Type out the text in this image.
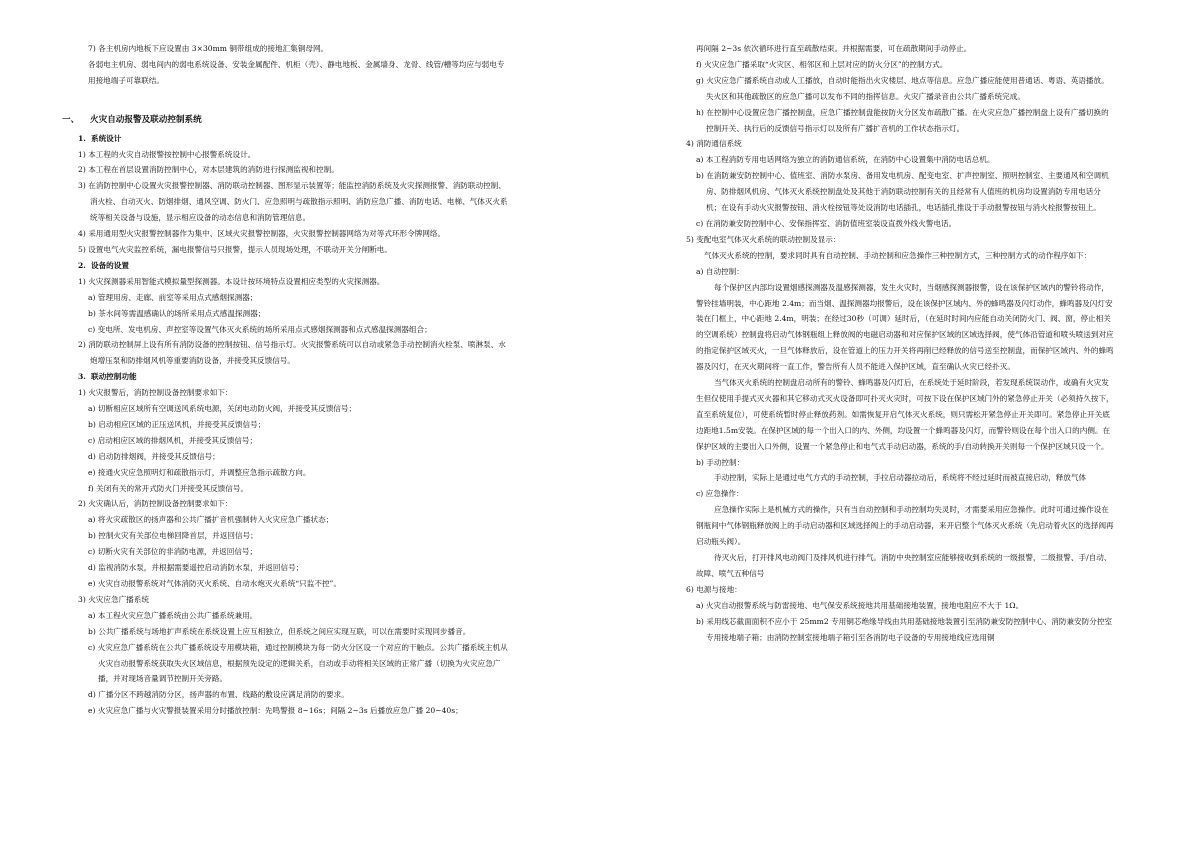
7) 各主机房内地板下应设置由 3×30mm 铜带组成的接地汇集铜母网。

各弱电主机房、弱电间内的弱电系统设备、安装金属配件、机柜（壳）、静电地板、金属墙身、龙骨、线管/槽等均应与弱电专用接地端子可靠联结。

一、 火灾自动报警及联动控制系统

1. 系统设计

1) 本工程的火灾自动报警按控制中心报警系统设计。

2) 本工程在首层设置消防控制中心，对本层建筑的消防进行探测监视和控制。

3) 在消防控制中心设置火灾报警控制器、消防联动控制器、图形显示装置等；能监控消防系统及火灾探测报警、消防联动控制、消火栓、自动灭火、防烟排烟、通风空调、防火门、应急照明与疏散指示照明、消防应急广播、消防电话、电梯、气体灭火系统等相关设备与设施，显示相应设备的动态信息和消防管理信息。

4) 采用通用型火灾报警控制器作为集中、区域火灾报警控制器，火灾报警控制器网络为对等式环形令牌网络。

5) 设置电气火灾监控系统，漏电报警信号只报警，提示人员现场处理，不联动开关分闸断电。

2. 设备的设置

1) 火灾探测器采用智能式模拟量型探测器。本设计按环境特点设置相应类型的火灾探测器。

a) 管理用房、走廊、前室等采用点式感烟探测器；

b) 茶水间等需温感确认的场所采用点式感温探测器；

c) 变电所、发电机房、声控室等设置气体灭火系统的场所采用点式感烟探测器和点式感温探测器组合；

2) 消防联动控制屏上设有所有消防设备的控制按钮、信号指示灯。火灾报警系统可以自动或紧急手动控制消火栓泵、喷淋泵、水炮增压泵和防排烟风机等重要消防设备，并接受其反馈信号。

3. 联动控制功能

1) 火灾报警后，消防控制设备控制要求如下：

a) 切断相应区域所有空调送风系统电源，关闭电动防火阀，并接受其反馈信号；

b) 启动相应区域的正压送风机，并接受其反馈信号；

c) 启动相应区域的排烟风机，并接受其反馈信号；

d) 启动防排烟阀，并接受其反馈信号；

e) 接通火灾应急照明灯和疏散指示灯，并调整应急指示疏散方向。

f) 关闭有关的常开式防火门并接受其反馈信号。

2) 火灾确认后，消防控制设备控制要求如下：

a) 将火灾疏散区的扬声器和公共广播扩音机强制转入火灾应急广播状态；

b) 控制火灾有关部位电梯回降首层，并返回信号；

c) 切断火灾有关部位的非消防电源，并返回信号；

d) 监视消防水泵，并根据需要遥控启动消防水泵，并返回信号；

e) 火灾自动报警系统对气体消防灭火系统、自动水炮灭火系统“只监不控”。

3) 火灾应急广播系统

a) 本工程火灾应急广播系统由公共广播系统兼用。

b) 公共广播系统与场地扩声系统在系统设置上应互相独立，但系统之间应实现互联，可以在需要时实现同步播音。

c) 火灾应急广播系统在公共广播系统设专用模块箱，通过控制模块为每一防火分区设一个对应的干触点。公共广播系统主机从火灾自动报警系统获取失火区域信息，根据预先设定的逻辑关系，自动或手动将相关区域的正常广播（切换为火灾应急广播，并对现场音量调节控制开关旁路。

d) 广播分区不跨越消防分区，扬声器的布置、线路的敷设应满足消防的要求。

e) 火灾应急广播与火灾警报装置采用分时播放控制：先鸣警报 8~16s；间隔 2~3s 后播放应急广播 20~40s；

再间隔 2~3s 依次循环进行直至疏散结束。并根据需要，可在疏散期间手动停止。

f) 火灾应急广播采取“火灾区、相邻区和上层对应的防火分区”的控制方式。

g) 火灾应急广播系统自动或人工播放，自动时能指出火灾楼层、地点等信息。应急广播应能使用普通话、粤语、英语播放。失火区和其他疏散区的应急广播可以发布不同的指挥信息。火灾广播录音由公共广播系统完成。

h) 在控制中心设置应急广播控制盘，应急广播控制盘能按防火分区发布疏散广播。在火灾应急广播控制盘上设有广播切换的控制开关、执行后的反馈信号指示灯以及所有广播扩音机的工作状态指示灯。

4) 消防通信系统

a) 本工程消防专用电话网络为独立的消防通信系统，在消防中心设置集中消防电话总机。

b) 在消防兼安防控制中心、值班室、消防水泵房、备用发电机房、配变电室、扩声控制室、照明控制室、主要通风和空调机房、防排烟风机房、气体灭火系统控制盘处及其他于消防联动控制有关的且经常有人值班的机房均设置消防专用电话分机；在设有手动火灾报警按钮、消火栓按钮等处设消防电话插孔，电话插孔推设于手动报警按钮与消火栓报警按钮上。

c) 在消防兼安防控制中心、安保指挥室、消防值班室装设直拨外线火警电话。

5) 变配电室气体灭火系统的联动控制及显示：

气体灭火系统的控制，要求同时具有自动控制、手动控制和应急操作三种控制方式，三种控制方式的动作程序如下：

a) 自动控制：

每个保护区内部均设置烟感探测器及温感探测器，发生火灾时，当烟感探测器报警，设在该保护区域内的警铃将动作，警铃挂墙明装，中心距地 2.4m；而当烟、温探测器均报警后，设在该保护区域内、外的蜂鸣器及闪灯动作，蜂鸣器及闪灯安装在门框上，中心距地 2.4m，明装；在经过30秒（可调）延时后，（在延时时间内应能自动关闭防火门、阀、窗，停止相关的空调系统）控制盘将启动气体钢瓶组上释放阀的电磁启动器和对应保护区域的区域选择阀，使气体沿管道和喷头喷送到对应的指定保护区域灭火，一旦气体释放后，设在管道上的压力开关将再削已经释放的信号送至控制盘，而保护区域内、外的蜂鸣器及闪灯，在灭火期间将一直工作，警告所有人员不能进入保护区域，直至确认火灾已经扑灭。

当气体灭火系统的控制盘启动所有的警铃、蜂鸣器及闪灯后，在系统处于延时阶段，若发现系统误动作，或确有火灾发生但仅使用手提式灭火器和其它移动式灭火设备即可扑灭火灾时，可按下设在保护区域门外的紧急停止开关（必须持久按下，直至系统复位），可使系统暂时停止释放药剂。如需恢复开启气体灭火系统，则只需松开紧急停止开关即可。紧急停止开关底边距地1.5m安装。在保护区域的每一个出入口的内、外侧，均设置一个蜂鸣器及闪灯，而警铃则设在每个出入口的内侧。在保护区域的主要出入口外侧，设置一个紧急停止和电气式手动启动器，系统的手/自动转换开关则每一个保护区域只设一个。

b) 手动控制：

手动控制，实际上是通过电气方式的手动控制，手拉启动器拉动后，系统将不经过延时而被直接启动，释放气体

c) 应急操作：

应急操作实际上是机械方式的操作，只有当自动控制和手动控制均失灵时，才需要采用应急操作。此时可通过操作设在钢瓶间中气体钢瓶释放阀上的手动启动器和区域选择阀上的手动启动器，来开启整个气体灭火系统（先启动着火区的选择阀再启动瓶头阀）。

待灭火后，打开排风电动阀门及排风机进行排气。消防中央控制室应能够接收到系统的一级报警，二级报警、手/自动、故障、喷气五种信号

6) 电源与接地：

a) 火灾自动报警系统与防雷接地、电气保安系统接地共用基础接地装置，接地电阻应不大于 1Ω。

b) 采用线芯截面面积不应小于 25mm2 专用铜芯绝缘导线由共用基础接地装置引至消防兼安防控制中心、消防兼安防分控室专用接地端子箱；由消防控制室接地端子箱引至各消防电子设备的专用接地线应选用铜
